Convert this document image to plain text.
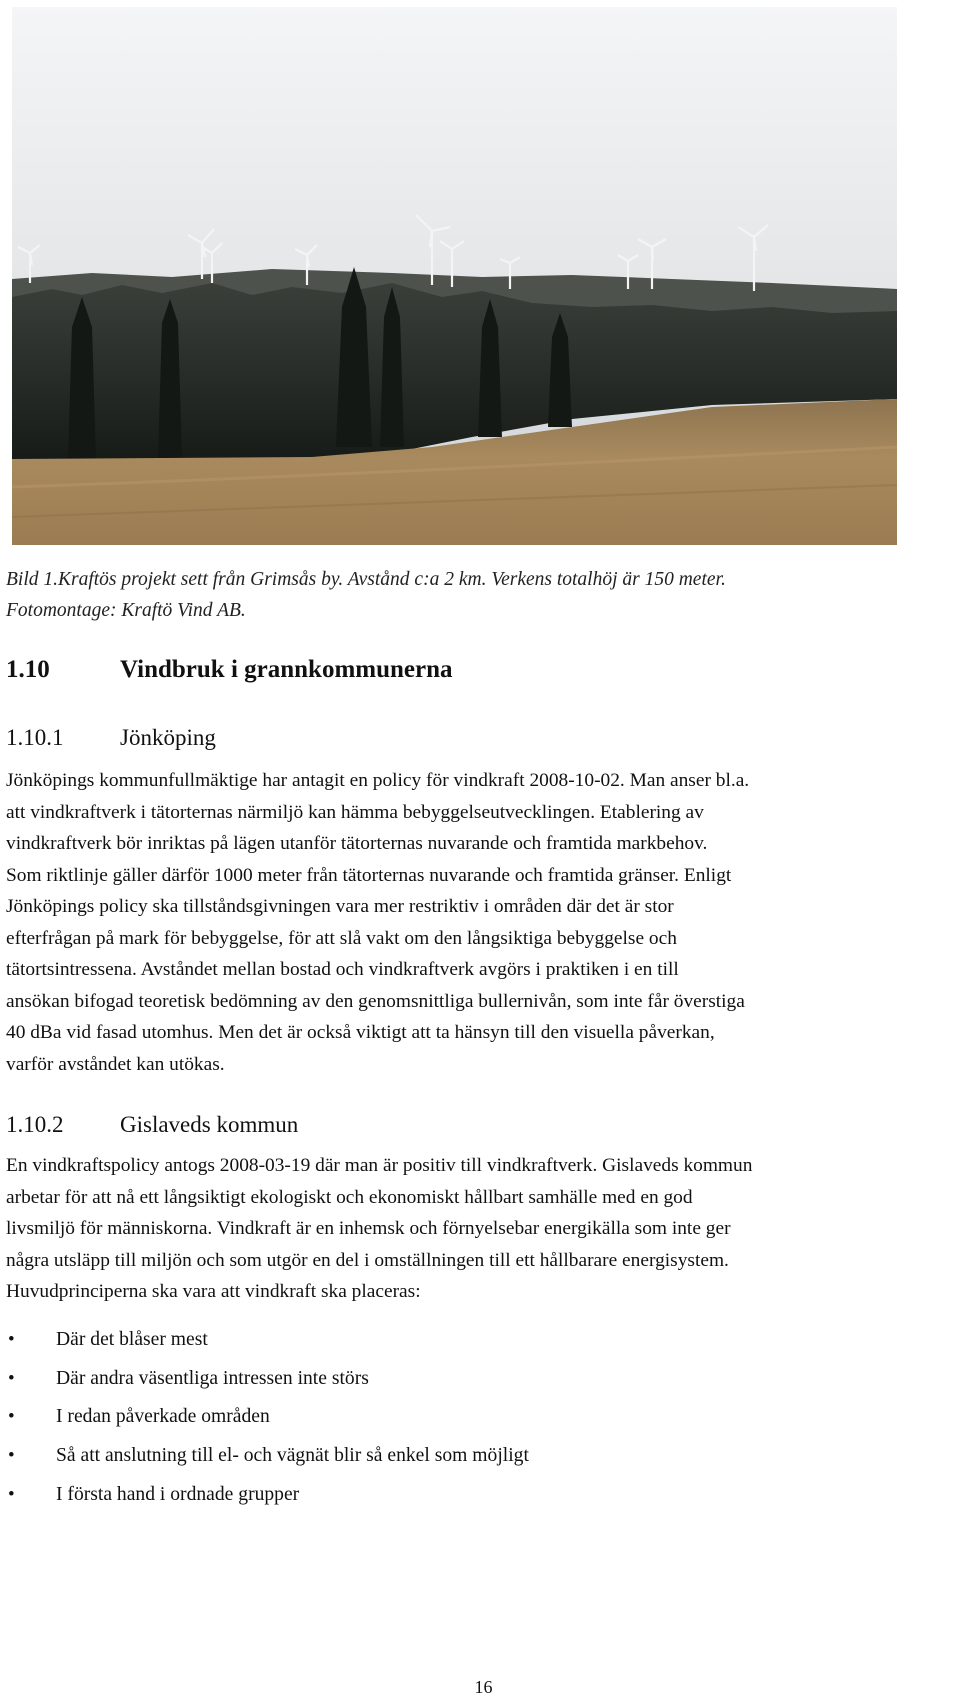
Bild 1.Kraftös projekt sett från Grimsås by. Avstånd c:a 2 km. Verkens totalhöj är 150 meter.

Fotomontage: Kraftö Vind AB.

1.10	Vindbruk i grannkommunerna
1.10.1 Jönköping

Jönköpings kommunfullmäktige har antagit en policy för vindkraft 2008-10-02. Man anser bl.a.
att vindkraftverk i tätorternas närmiljö kan hämma bebyggelseutvecklingen. Etablering av
vindkraftverk bör inriktas på lägen utanför tätorternas nuvarande och framtida markbehov.
Som riktlinje gäller därför 1000 meter från tätorternas nuvarande och framtida gränser. Enligt
Jönköpings policy ska tillståndsgivningen vara mer restriktiv i områden där det är stor
efterfrågan på mark för bebyggelse, för att slå vakt om den långsiktiga bebyggelse och
tätortsintressena. Avståndet mellan bostad och vindkraftverk avgörs i praktiken i en till
ansökan bifogad teoretisk bedömning av den genomsnittliga bullernivån, som inte får överstiga
40 dBa vid fasad utomhus. Men det är också viktigt att ta hänsyn till den visuella påverkan,
varför avståndet kan utökas.

1.10.2 Gislaveds kommun

En vindkraftspolicy antogs 2008-03-19 där man är positiv till vindkraftverk. Gislaveds kommun
arbetar för att nå ett långsiktigt ekologiskt och ekonomiskt hållbart samhälle med en god
livsmiljö för människorna. Vindkraft är en inhemsk och förnyelsebar energikälla som inte ger
några utsläpp till miljön och som utgör en del i omställningen till ett hållbarare energisystem.
Huvudprinciperna ska vara att vindkraft ska placeras:

• Där det blåser mest
• Där andra väsentliga intressen inte störs
• I redan påverkade områden
• Så att anslutning till el- och vägnät blir så enkel som möjligt
• I första hand i ordnade grupper
16
